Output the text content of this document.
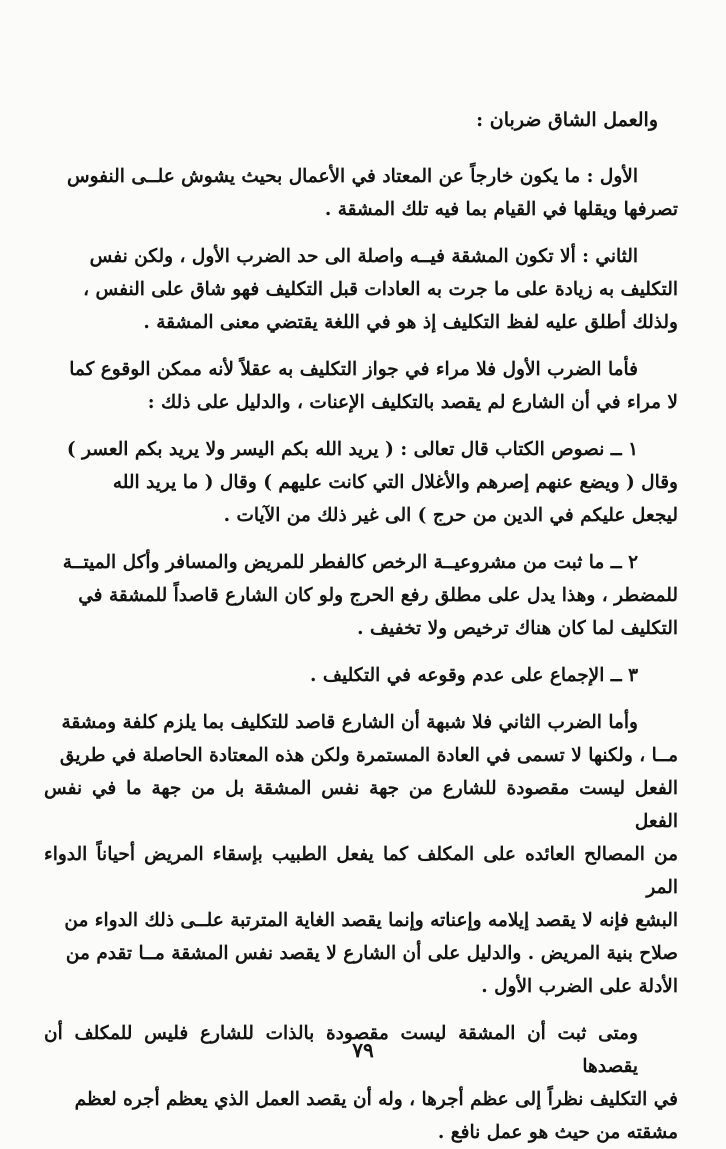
والعمل الشاق ضربان :
الأول : ما يكون خارجاً عن المعتاد في الأعمال بحيث يشوش علــى النفوس
تصرفها ويقلها في القيام بما فيه تلك المشقة .
الثاني : ألا تكون المشقة فيــه واصلة الى حد الضرب الأول ، ولكن نفس
التكليف به زيادة على ما جرت به العادات قبل التكليف فهو شاق على النفس ،
ولذلك أطلق عليه لفظ التكليف إذ هو في اللغة يقتضي معنى المشقة .
فأما الضرب الأول فلا مراء في جواز التكليف به عقلاً لأنه ممكن الوقوع كما
لا مراء في أن الشارع لم يقصد بالتكليف الإعنات ، والدليل على ذلك :
١ ــ نصوص الكتاب قال تعالى : ( يريد الله بكم اليسر ولا يريد بكم العسر )
وقال ( ويضع عنهم إصرهم والأغلال التي كانت عليهم ) وقال ( ما يريد الله
ليجعل عليكم في الدين من حرج ) الى غير ذلك من الآيات .
٢ ــ ما ثبت من مشروعيــة الرخص كالفطر للمريض والمسافر وأكل الميتــة
للمضطر ، وهذا يدل على مطلق رفع الحرج ولو كان الشارع قاصداً للمشقة في
التكليف لما كان هناك ترخيص ولا تخفيف .
٣ ــ الإجماع على عدم وقوعه في التكليف .
وأما الضرب الثاني فلا شبهة أن الشارع قاصد للتكليف بما يلزم كلفة ومشقة
مــا ، ولكنها لا تسمى في العادة المستمرة ولكن هذه المعتادة الحاصلة في طريق
الفعل ليست مقصودة للشارع من جهة نفس المشقة بل من جهة ما في نفس الفعل
من المصالح العائده على المكلف كما يفعل الطبيب بإسقاء المريض أحياناً الدواء المر
البشع فإنه لا يقصد إيلامه وإعناته وإنما يقصد الغاية المترتبة علــى ذلك الدواء من
صلاح بنية المريض . والدليل على أن الشارع لا يقصد نفس المشقة مــا تقدم من
الأدلة على الضرب الأول .
ومتى ثبت أن المشقة ليست مقصودة بالذات للشارع فليس للمكلف أن يقصدها
في التكليف نظراً إلى عظم أجرها ، وله أن يقصد العمل الذي يعظم أجره لعظم
مشقته من حيث هو عمل نافع .
٧٩
